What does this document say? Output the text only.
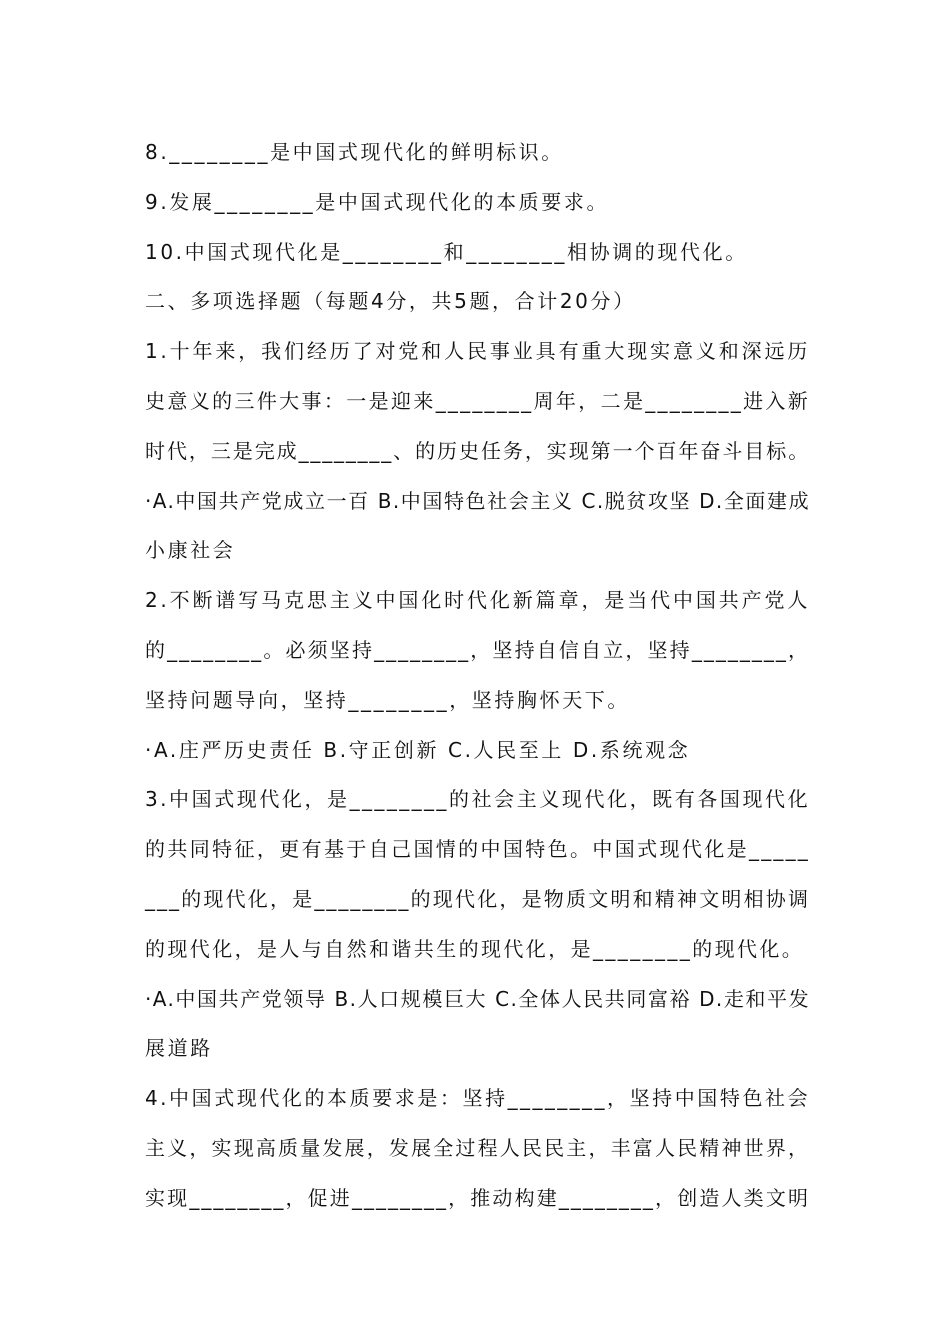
8.________是中国式现代化的鲜明标识。
9.发展________是中国式现代化的本质要求。
10.中国式现代化是________和________相协调的现代化。
二、多项选择题（每题4分，共5题，合计20分）
1.十年来，我们经历了对党和人民事业具有重大现实意义和深远历
史意义的三件大事：一是迎来________周年，二是________进入新
时代，三是完成________、的历史任务，实现第一个百年奋斗目标。
·A.中国共产党成立一百 B.中国特色社会主义 C.脱贫攻坚 D.全面建成
小康社会
2.不断谱写马克思主义中国化时代化新篇章，是当代中国共产党人
的________。必须坚持________，坚持自信自立，坚持________，
坚持问题导向，坚持________，坚持胸怀天下。
·A.庄严历史责任 B.守正创新 C.人民至上 D.系统观念
3.中国式现代化，是________的社会主义现代化，既有各国现代化
的共同特征，更有基于自己国情的中国特色。中国式现代化是_____
___的现代化，是________的现代化，是物质文明和精神文明相协调
的现代化，是人与自然和谐共生的现代化，是________的现代化。
·A.中国共产党领导 B.人口规模巨大 C.全体人民共同富裕 D.走和平发
展道路
4.中国式现代化的本质要求是：坚持________，坚持中国特色社会
主义，实现高质量发展，发展全过程人民民主，丰富人民精神世界，
实现________，促进________，推动构建________，创造人类文明
